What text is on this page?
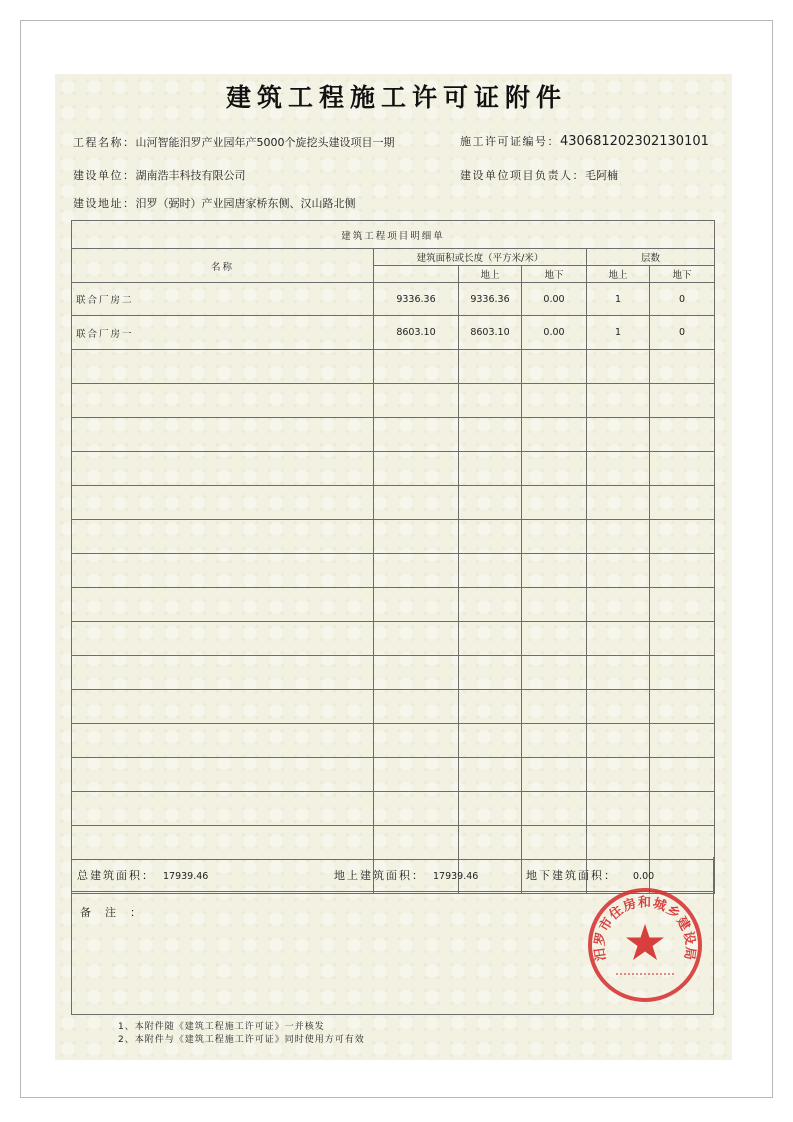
建筑工程施工许可证附件
工程名称：山河智能汨罗产业园年产5000个旋挖头建设项目一期	施工许可证编号：430681202302130101
建设单位：湖南浩丰科技有限公司	建设单位项目负责人：毛阿楠
建设地址：汨罗（弼时）产业园唐家桥东侧、汉山路北侧
建筑工程项目明细单					
名称	建筑面积或长度（平方米/米）			层数	
		地上	地下	地上	地下
联合厂房二	9336.36	9336.36	0.00	1	0
联合厂房一	8603.10	8603.10	0.00	1	0

总建筑面积： 17939.46	地上建筑面积： 17939.46	地下建筑面积： 0.00
备注：
1、本附件随《建筑工程施工许可证》一并核发
2、本附件与《建筑工程施工许可证》同时使用方可有效
汨罗市住房和城乡建设局
